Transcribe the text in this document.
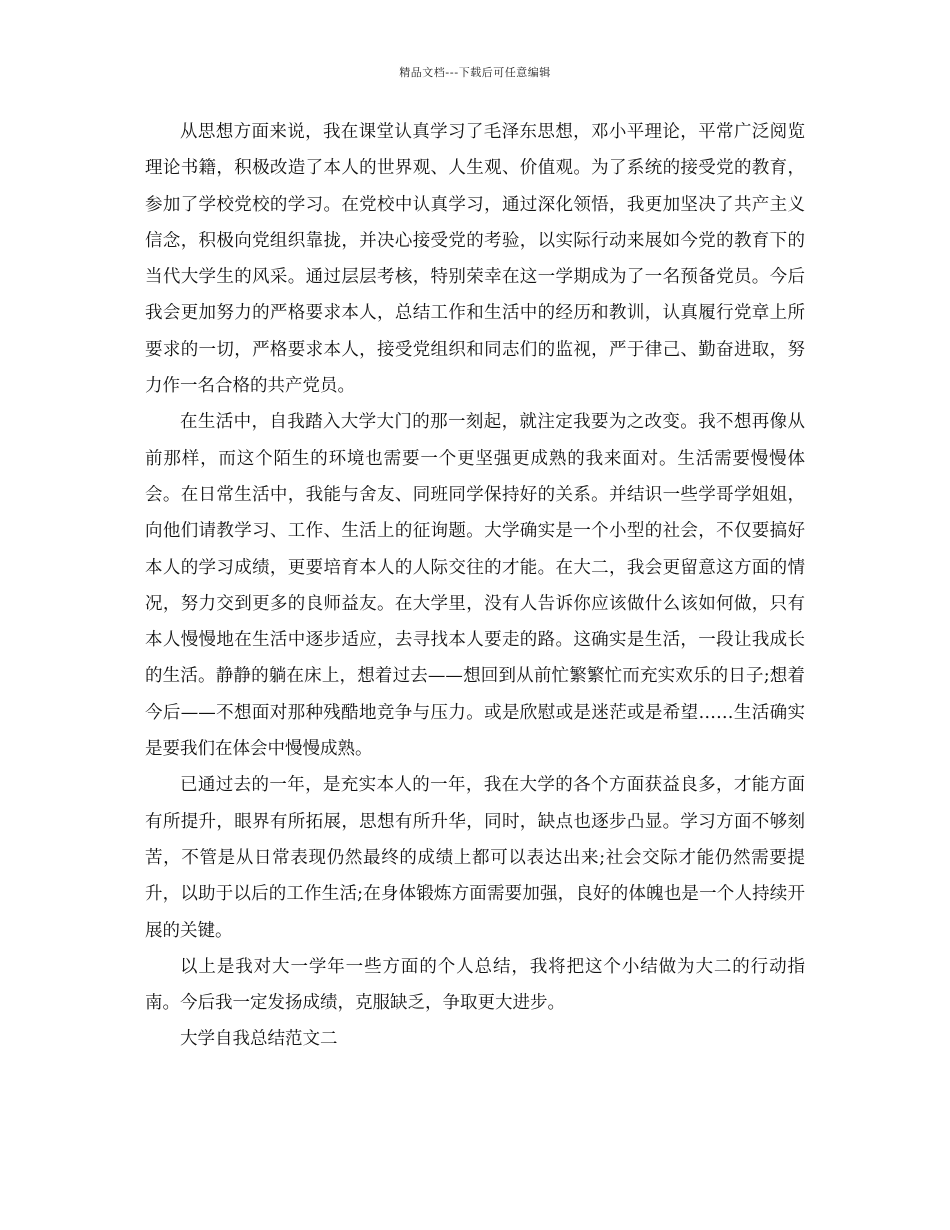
精品文档---下载后可任意编辑

从思想方面来说，我在课堂认真学习了毛泽东思想，邓小平理论，平常广泛阅览理论书籍，积极改造了本人的世界观、人生观、价值观。为了系统的接受党的教育，参加了学校党校的学习。在党校中认真学习，通过深化领悟，我更加坚决了共产主义信念，积极向党组织靠拢，并决心接受党的考验，以实际行动来展如今党的教育下的当代大学生的风采。通过层层考核，特别荣幸在这一学期成为了一名预备党员。今后我会更加努力的严格要求本人，总结工作和生活中的经历和教训，认真履行党章上所要求的一切，严格要求本人，接受党组织和同志们的监视，严于律己、勤奋进取，努力作一名合格的共产党员。

在生活中，自我踏入大学大门的那一刻起，就注定我要为之改变。我不想再像从前那样，而这个陌生的环境也需要一个更坚强更成熟的我来面对。生活需要慢慢体会。在日常生活中，我能与舍友、同班同学保持好的关系。并结识一些学哥学姐姐，向他们请教学习、工作、生活上的征询题。大学确实是一个小型的社会，不仅要搞好本人的学习成绩，更要培育本人的人际交往的才能。在大二，我会更留意这方面的情况，努力交到更多的良师益友。在大学里，没有人告诉你应该做什么该如何做，只有本人慢慢地在生活中逐步适应，去寻找本人要走的路。这确实是生活，一段让我成长的生活。静静的躺在床上，想着过去——想回到从前忙繁繁忙而充实欢乐的日子;想着今后——不想面对那种残酷地竞争与压力。或是欣慰或是迷茫或是希望……生活确实是要我们在体会中慢慢成熟。

已通过去的一年，是充实本人的一年，我在大学的各个方面获益良多，才能方面有所提升，眼界有所拓展，思想有所升华，同时，缺点也逐步凸显。学习方面不够刻苦，不管是从日常表现仍然最终的成绩上都可以表达出来;社会交际才能仍然需要提升，以助于以后的工作生活;在身体锻炼方面需要加强，良好的体魄也是一个人持续开展的关键。

以上是我对大一学年一些方面的个人总结，我将把这个小结做为大二的行动指南。今后我一定发扬成绩，克服缺乏，争取更大进步。

大学自我总结范文二
